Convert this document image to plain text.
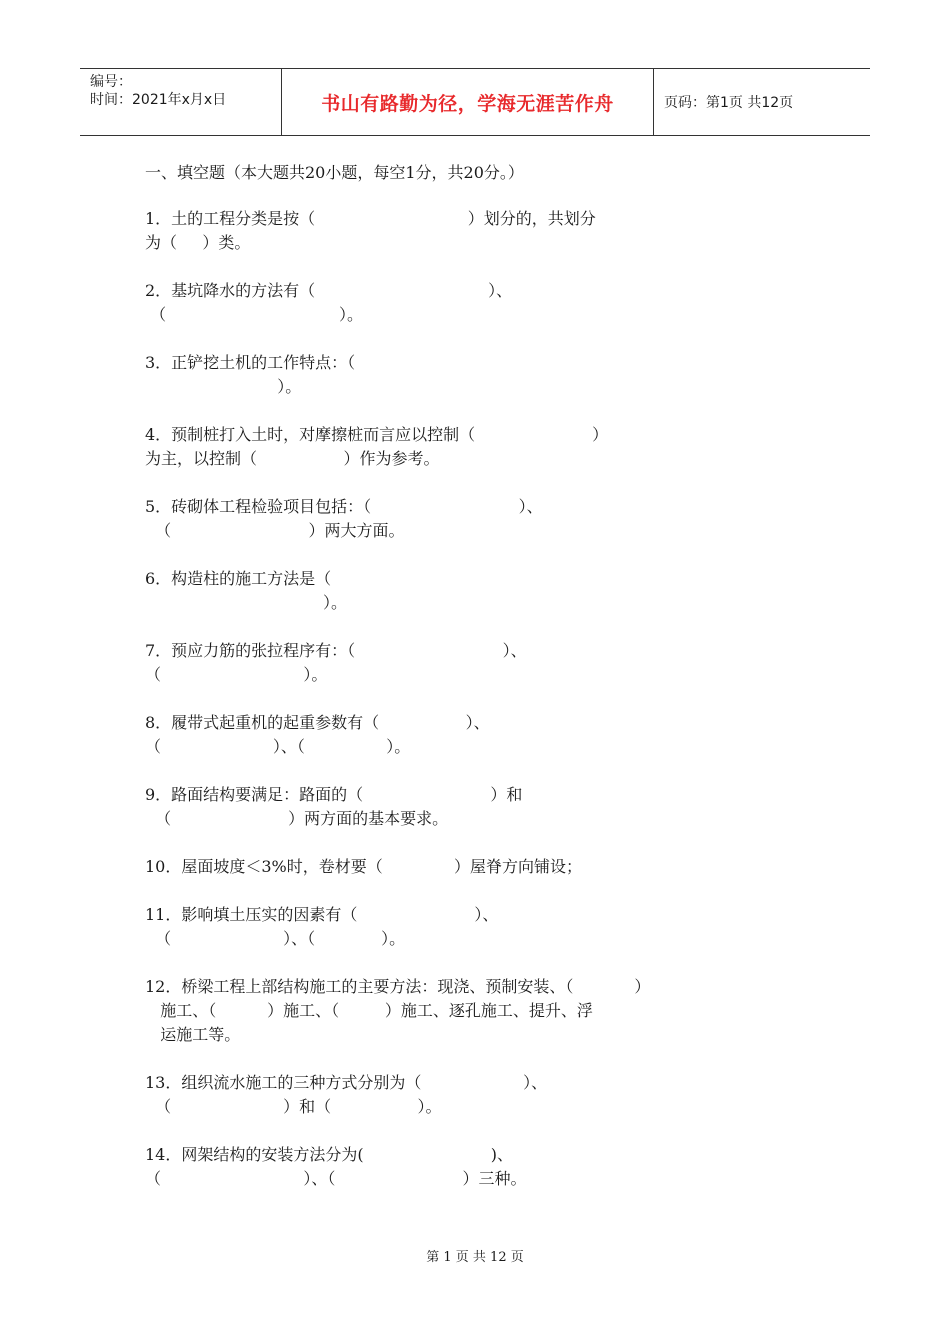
编号：
时间：2021年x月x日	书山有路勤为径，学海无涯苦作舟	页码：第1页 共12页
一、填空题（本大题共20小题，每空1分，共20分。）
1．土的工程分类是按（                              ）划分的，共划分
为（     ）类。
2．基坑降水的方法有（                                  ）、
（                                  ）。
3．正铲挖土机的工作特点：（
）。
4．预制桩打入土时，对摩擦桩而言应以控制（                       ）
为主，以控制（                 ）作为参考。
5．砖砌体工程检验项目包括：（                             ）、
（                           ）两大方面。
6．构造柱的施工方法是（
）。
7．预应力筋的张拉程序有：（                             ）、
（                            ）。
8．履带式起重机的起重参数有（                 ）、
（                      ）、（                ）。
9．路面结构要满足：路面的（                         ）和
（                       ）两方面的基本要求。
10．屋面坡度＜3%时，卷材要（              ）屋脊方向铺设；
11．影响填土压实的因素有（                       ）、
（                      ）、（             ）。
12．桥梁工程上部结构施工的主要方法：现浇、预制安装、（            ）
施工、（          ）施工、（         ）施工、逐孔施工、提升、浮
运施工等。
13．组织流水施工的三种方式分别为（                    ）、
（                      ）和（                 ）。
14．网架结构的安装方法分为(                         )、
（                            ）、（                         ）三种。
第 1 页 共 12 页
